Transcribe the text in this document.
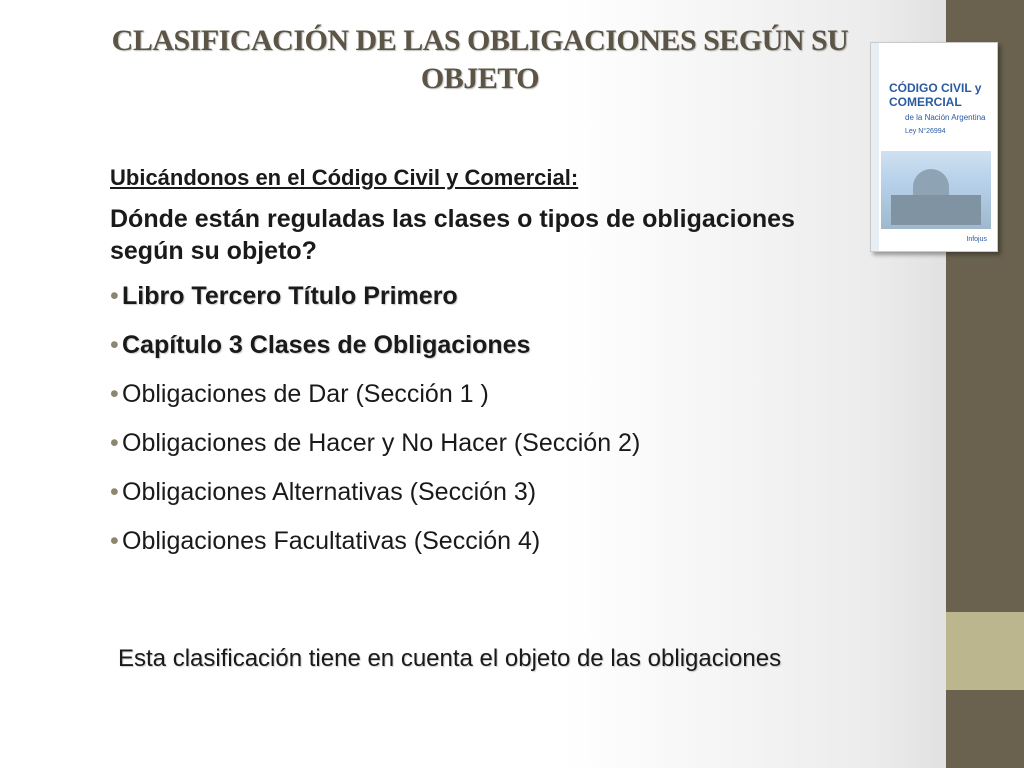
CLASIFICACIÓN DE LAS OBLIGACIONES SEGÚN SU OBJETO	CÓDIGO CIVIL y COMERCIAL
de la Nación Argentina
Ley N°26994
Infojus
Ubicándonos en el Código Civil y Comercial:
Dónde están reguladas las clases o tipos de obligaciones según su objeto?
• Libro Tercero Título Primero
• Capítulo 3 Clases de Obligaciones
• Obligaciones de Dar (Sección 1 )
• Obligaciones de Hacer y No Hacer (Sección 2)
• Obligaciones Alternativas (Sección 3)
• Obligaciones Facultativas (Sección 4)
Esta clasificación tiene en cuenta el objeto de las obligaciones
